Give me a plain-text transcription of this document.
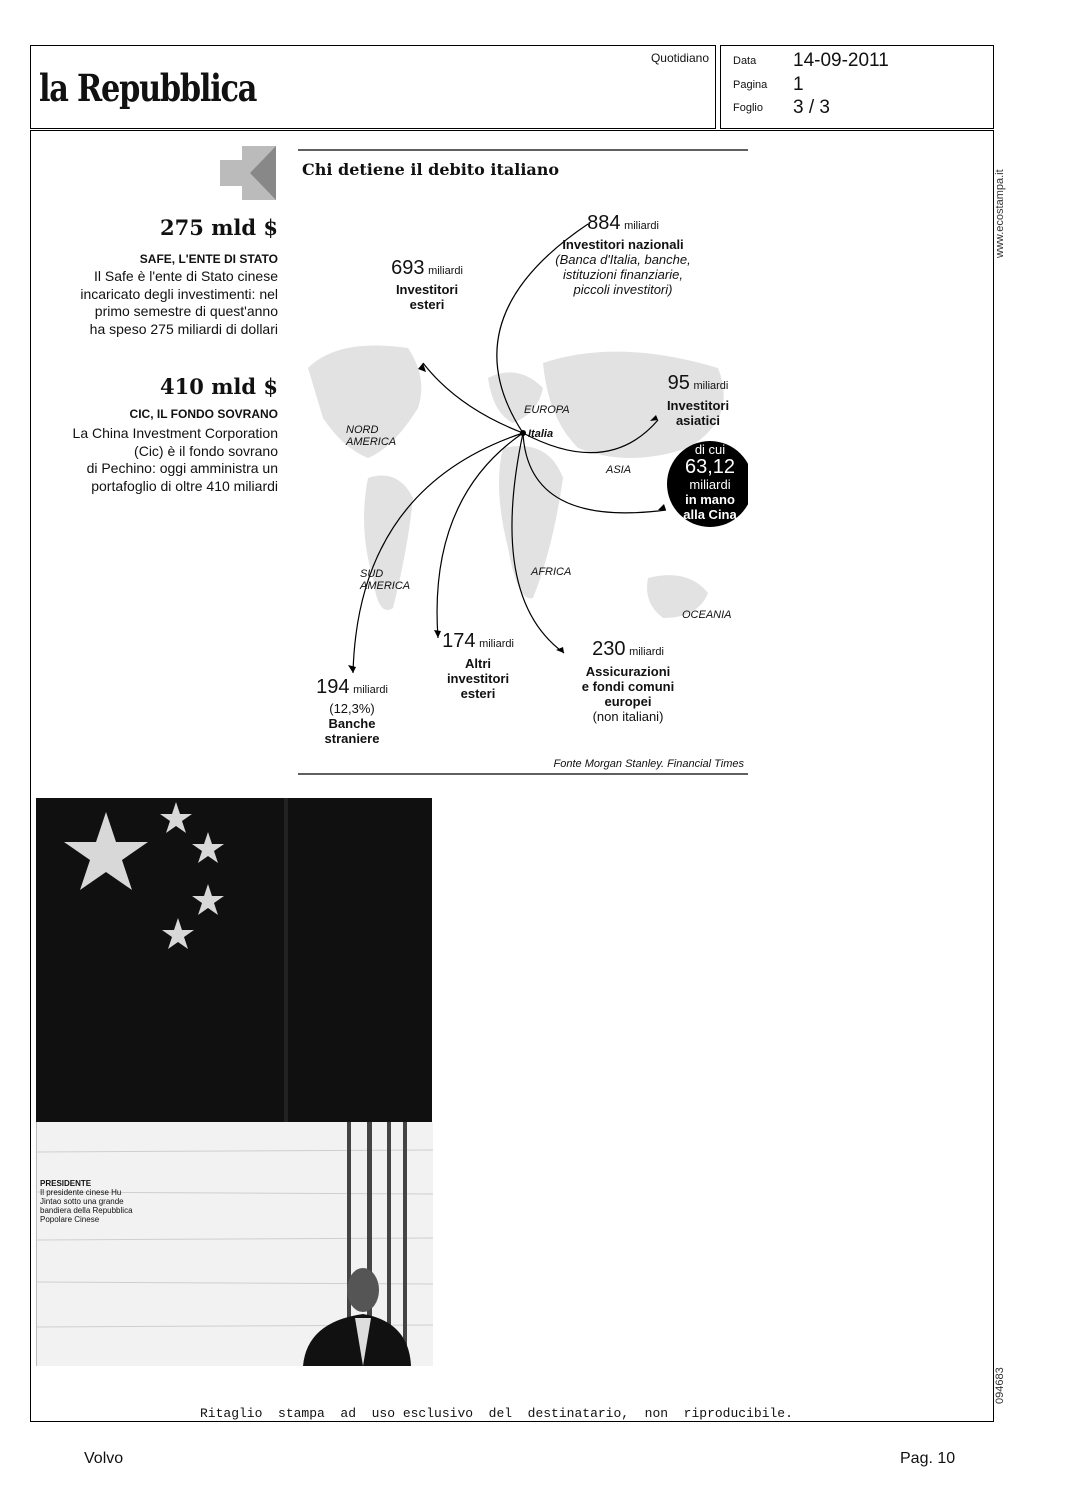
la Repubblica
Quotidiano Data 14-09-2011
Pagina 1
Foglio 3 / 3
www.ecostampa.it
094683
275 mld $
SAFE, L'ENTE DI STATO
Il Safe è l'ente di Stato cinese
incaricato degli investimenti: nel
primo semestre di quest'anno
ha speso 275 miliardi di dollari
410 mld $
CIC, IL FONDO SOVRANO
La China Investment Corporation
(Cic) è il fondo sovrano
di Pechino: oggi amministra un
portafoglio di oltre 410 miliardi
Chi detiene il debito italiano
693 miliardi
Investitori
esteri
884 miliardi
Investitori nazionali
(Banca d'Italia, banche,
istituzioni finanziarie,
piccoli investitori)
95 miliardi
Investitori
asiatici
di cui
63,12
miliardi
in mano
alla Cina
174 miliardi
Altri
investitori
esteri
230 miliardi
Assicurazioni
e fondi comuni
europei
(non italiani)
194 miliardi
(12,3%)
Banche
straniere
NORD
AMERICA
EUROPA
Italia
ASIA
SUD
AMERICA
AFRICA
OCEANIA
Fonte Morgan Stanley. Financial Times
PRESIDENTE
Il presidente cinese Hu
Jintao sotto una grande
bandiera della Repubblica
Popolare Cinese
Ritaglio  stampa  ad  uso esclusivo  del  destinatario,  non  riproducibile.
Volvo	Pag. 10
